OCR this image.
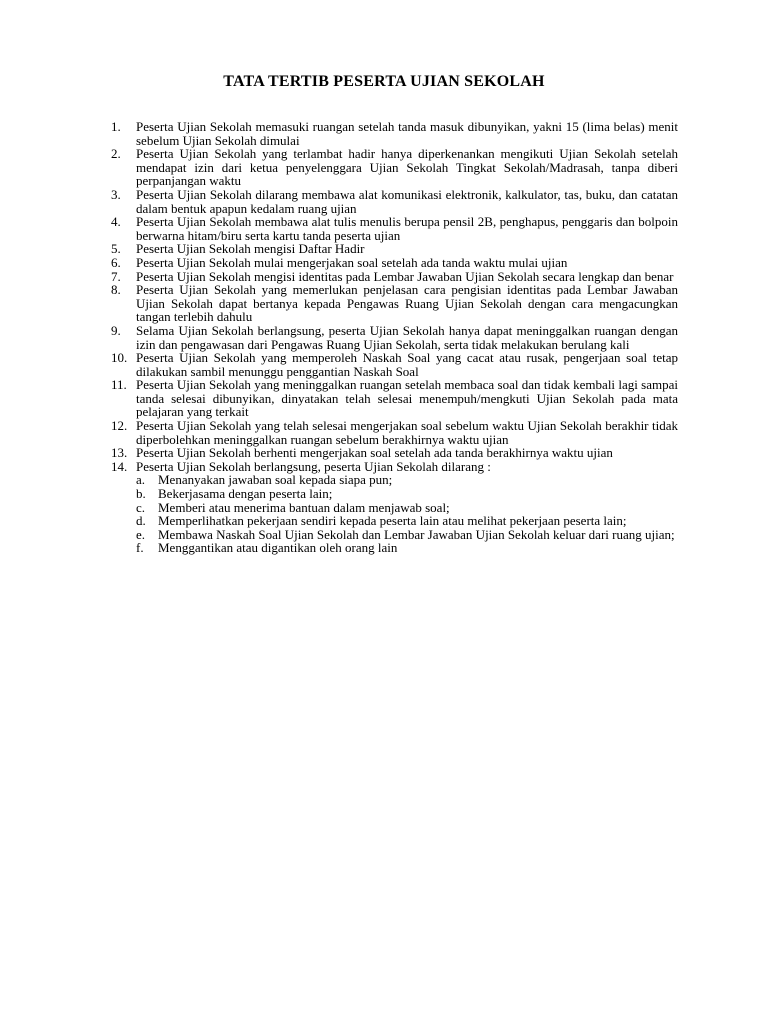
TATA TERTIB PESERTA UJIAN SEKOLAH
1.	Peserta Ujian Sekolah memasuki ruangan setelah tanda masuk dibunyikan, yakni 15 (lima belas) menit sebelum Ujian Sekolah dimulai
2.	Peserta Ujian Sekolah yang terlambat hadir hanya diperkenankan mengikuti Ujian Sekolah setelah mendapat izin dari ketua penyelenggara Ujian Sekolah Tingkat Sekolah/Madrasah, tanpa diberi perpanjangan waktu
3.	Peserta Ujian Sekolah dilarang membawa alat komunikasi elektronik, kalkulator, tas, buku, dan catatan dalam bentuk apapun kedalam ruang ujian
4.	Peserta Ujian Sekolah membawa alat tulis menulis berupa pensil 2B, penghapus, penggaris dan bolpoin berwarna hitam/biru serta kartu tanda peserta ujian
5.	Peserta Ujian Sekolah mengisi Daftar Hadir
6.	Peserta Ujian Sekolah mulai mengerjakan soal setelah ada tanda waktu mulai ujian
7.	Peserta Ujian Sekolah mengisi identitas pada Lembar Jawaban Ujian Sekolah secara lengkap dan benar
8.	Peserta Ujian Sekolah yang memerlukan penjelasan cara pengisian identitas pada Lembar Jawaban Ujian Sekolah dapat bertanya kepada Pengawas Ruang Ujian Sekolah dengan cara mengacungkan tangan terlebih dahulu
9.	Selama Ujian Sekolah berlangsung, peserta Ujian Sekolah hanya dapat meninggalkan ruangan dengan izin dan pengawasan dari Pengawas Ruang Ujian Sekolah, serta tidak melakukan berulang kali
10. Peserta Ujian Sekolah yang memperoleh Naskah Soal yang cacat atau rusak, pengerjaan soal tetap dilakukan sambil menunggu penggantian Naskah Soal
11. Peserta Ujian Sekolah yang meninggalkan ruangan setelah membaca soal dan tidak kembali lagi sampai tanda selesai dibunyikan, dinyatakan telah selesai menempuh/mengkuti Ujian Sekolah pada mata pelajaran yang terkait
12. Peserta Ujian Sekolah yang telah selesai mengerjakan soal sebelum waktu Ujian Sekolah berakhir tidak diperbolehkan meninggalkan ruangan sebelum berakhirnya waktu ujian
13. Peserta Ujian Sekolah berhenti mengerjakan soal setelah ada tanda berakhirnya waktu ujian
14. Peserta Ujian Sekolah berlangsung, peserta Ujian Sekolah dilarang :
a. Menanyakan jawaban soal kepada siapa pun;
b. Bekerjasama dengan peserta lain;
c. Memberi atau menerima bantuan dalam menjawab soal;
d. Memperlihatkan pekerjaan sendiri kepada peserta lain atau melihat pekerjaan peserta lain;
e. Membawa Naskah Soal Ujian Sekolah dan Lembar Jawaban Ujian Sekolah keluar dari ruang ujian;
f. Menggantikan atau digantikan oleh orang lain
